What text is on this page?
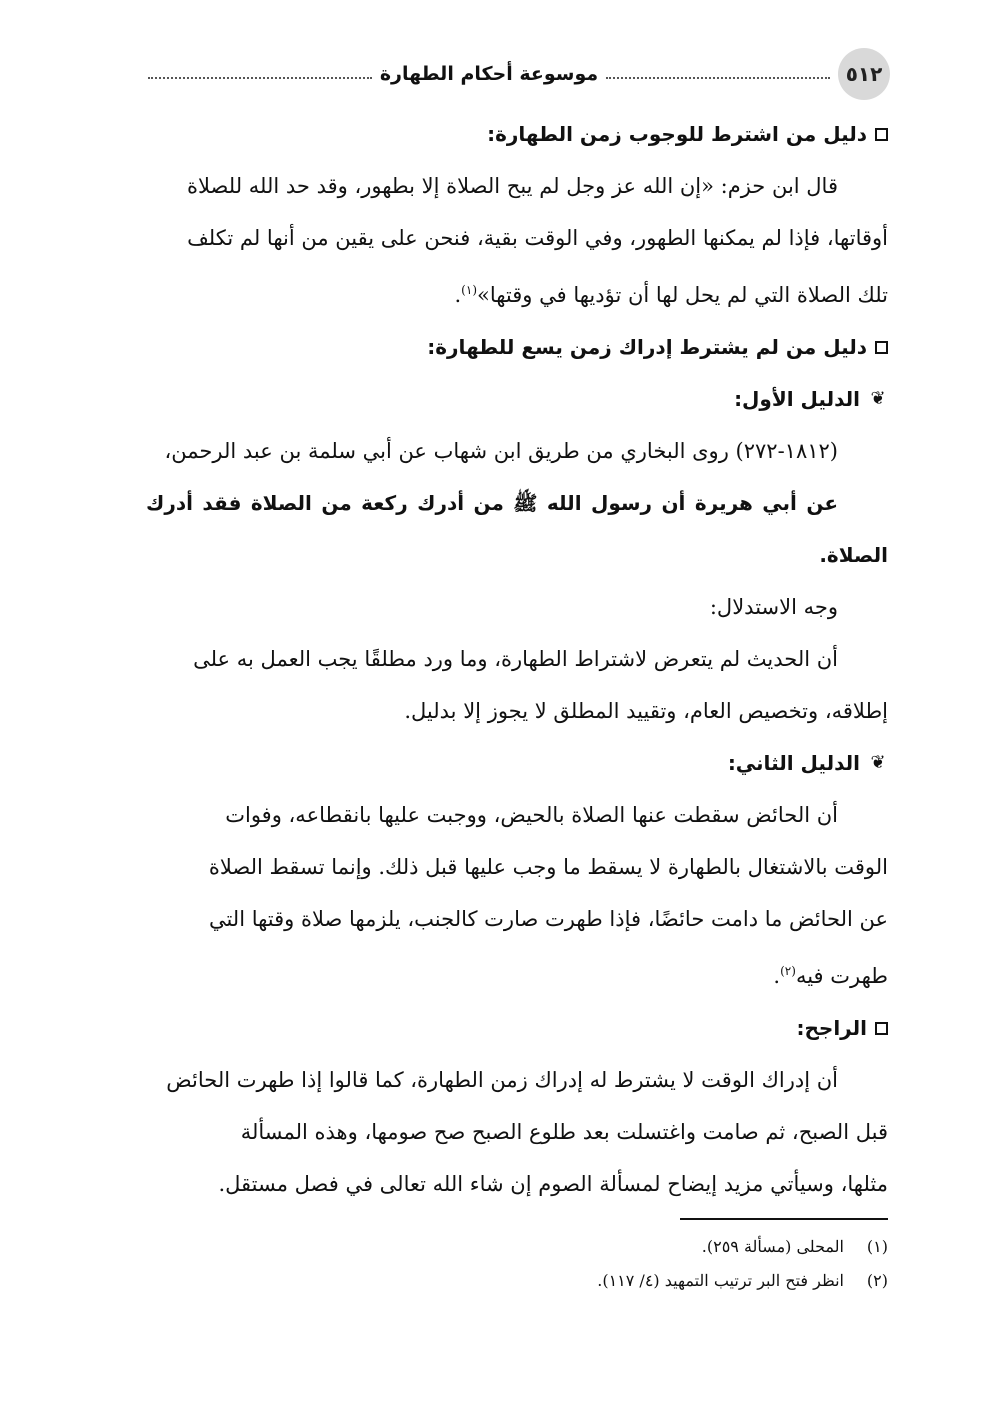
٥١٢
موسوعة أحكام الطهارة

دليل من اشترط للوجوب زمن الطهارة:

قال ابن حزم: «إن الله عز وجل لم يبح الصلاة إلا بطهور، وقد حد الله للصلاة
أوقاتها، فإذا لم يمكنها الطهور، وفي الوقت بقية، فنحن على يقين من أنها لم تكلف
تلك الصلاة التي لم يحل لها أن تؤديها في وقتها»$^{(١)}$.

دليل من لم يشترط إدراك زمن يسع للطهارة:

❦
الدليل الأول:

(١٨١٢-٢٧٢) روى البخاري من طريق ابن شهاب عن أبي سلمة بن عبد الرحمن،

عن أبي هريرة أن رسول الله ﷺ من أدرك ركعة من الصلاة فقد أدرك الصلاة.

وجه الاستدلال:

أن الحديث لم يتعرض لاشتراط الطهارة، وما ورد مطلقًا يجب العمل به على
إطلاقه، وتخصيص العام، وتقييد المطلق لا يجوز إلا بدليل.

❦
الدليل الثاني:

أن الحائض سقطت عنها الصلاة بالحيض، ووجبت عليها بانقطاعه، وفوات
الوقت بالاشتغال بالطهارة لا يسقط ما وجب عليها قبل ذلك. وإنما تسقط الصلاة
عن الحائض ما دامت حائضًا، فإذا طهرت صارت كالجنب، يلزمها صلاة وقتها التي
طهرت فيه$^{(٢)}$.

الراجح:

أن إدراك الوقت لا يشترط له إدراك زمن الطهارة، كما قالوا إذا طهرت الحائض
قبل الصبح، ثم صامت واغتسلت بعد طلوع الصبح صح صومها، وهذه المسألة
مثلها، وسيأتي مزيد إيضاح لمسألة الصوم إن شاء الله تعالى في فصل مستقل.

(١)المحلى (مسألة ٢٥٩).

(٢)انظر فتح البر ترتيب التمهيد (٤/ ١١٧).
